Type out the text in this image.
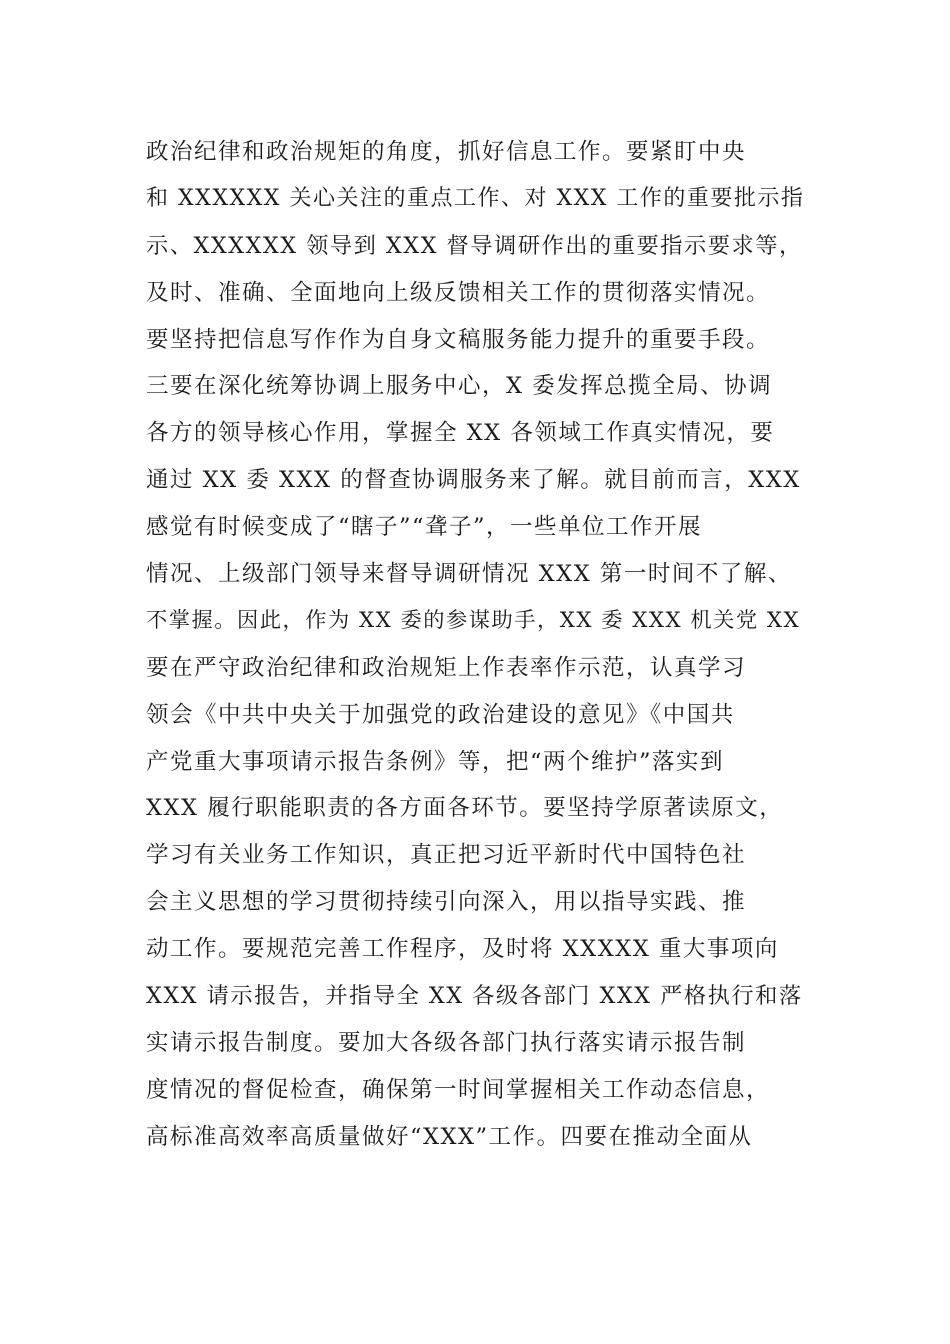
政治纪律和政治规矩的角度，抓好信息工作。要紧盯中央
和 XXXXXX 关心关注的重点工作、对 XXX 工作的重要批示指
示、XXXXXX 领导到 XXX 督导调研作出的重要指示要求等，
及时、准确、全面地向上级反馈相关工作的贯彻落实情况。
要坚持把信息写作作为自身文稿服务能力提升的重要手段。
三要在深化统筹协调上服务中心，X 委发挥总揽全局、协调
各方的领导核心作用，掌握全 XX 各领域工作真实情况，要
通过 XX 委 XXX 的督查协调服务来了解。就目前而言，XXX
感觉有时候变成了“瞎子”“聋子”，一些单位工作开展
情况、上级部门领导来督导调研情况 XXX 第一时间不了解、
不掌握。因此，作为 XX 委的参谋助手，XX 委 XXX 机关党 XX
要在严守政治纪律和政治规矩上作表率作示范，认真学习
领会《中共中央关于加强党的政治建设的意见》《中国共
产党重大事项请示报告条例》等，把“两个维护”落实到
XXX 履行职能职责的各方面各环节。要坚持学原著读原文，
学习有关业务工作知识，真正把习近平新时代中国特色社
会主义思想的学习贯彻持续引向深入，用以指导实践、推
动工作。要规范完善工作程序，及时将 XXXXX 重大事项向
XXX 请示报告，并指导全 XX 各级各部门 XXX 严格执行和落
实请示报告制度。要加大各级各部门执行落实请示报告制
度情况的督促检查，确保第一时间掌握相关工作动态信息，
高标准高效率高质量做好“XXX”工作。四要在推动全面从
